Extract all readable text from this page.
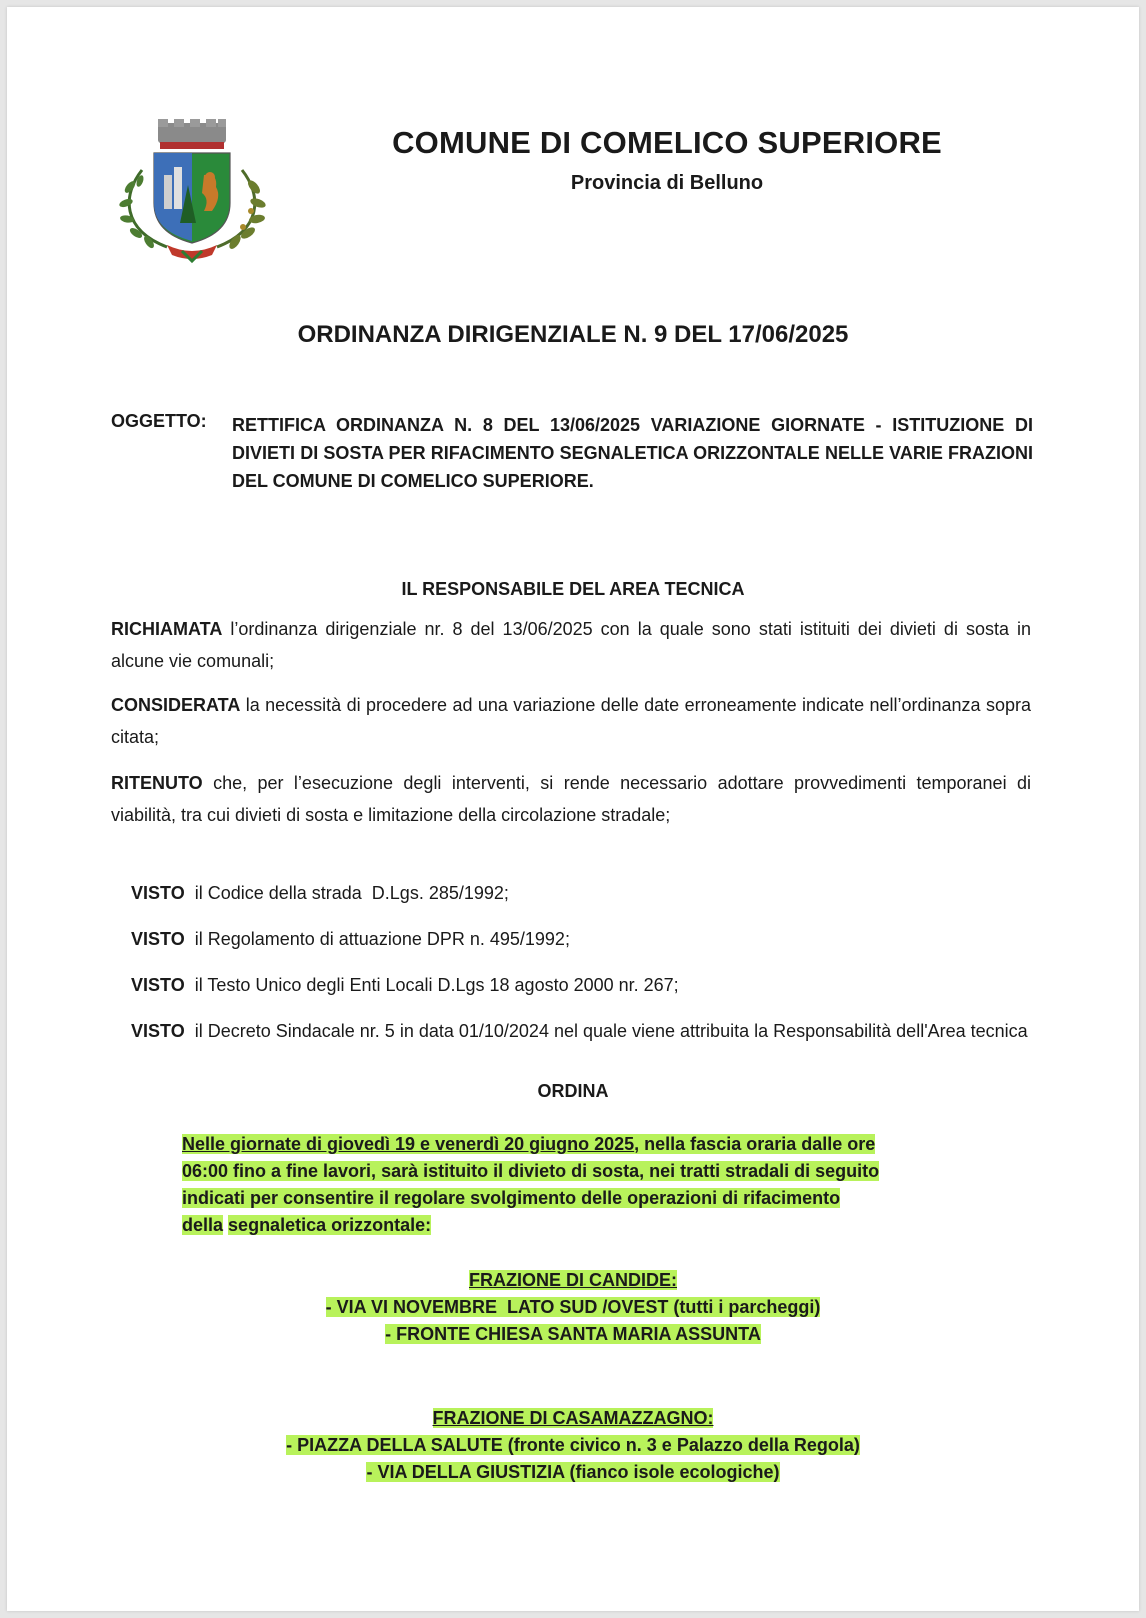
COMUNE DI COMELICO SUPERIORE
Provincia di Belluno
ORDINANZA DIRIGENZIALE N. 9 DEL 17/06/2025
OGGETTO: RETTIFICA ORDINANZA N. 8 DEL 13/06/2025 VARIAZIONE GIORNATE - ISTITUZIONE DI DIVIETI DI SOSTA PER RIFACIMENTO SEGNALETICA ORIZZONTALE NELLE VARIE FRAZIONI DEL COMUNE DI COMELICO SUPERIORE.
IL RESPONSABILE DEL AREA TECNICA
RICHIAMATA l’ordinanza dirigenziale nr. 8 del 13/06/2025 con la quale sono stati istituiti dei divieti di sosta in alcune vie comunali;
CONSIDERATA la necessità di procedere ad una variazione delle date erroneamente indicate nell’ordinanza sopra citata;
RITENUTO che, per l’esecuzione degli interventi, si rende necessario adottare provvedimenti temporanei di viabilità, tra cui divieti di sosta e limitazione della circolazione stradale;

VISTO  il Codice della strada  D.Lgs. 285/1992;

VISTO  il Regolamento di attuazione DPR n. 495/1992;

VISTO  il Testo Unico degli Enti Locali D.Lgs 18 agosto 2000 nr. 267;

VISTO  il Decreto Sindacale nr. 5 in data 01/10/2024 nel quale viene attribuita la Responsabilità dell'Area tecnica

ORDINA
Nelle giornate di giovedì 19 e venerdì 20 giugno 2025, nella fascia oraria dalle ore
06:00 fino a fine lavori, sarà istituito il divieto di sosta, nei tratti stradali di seguito
indicati per consentire il regolare svolgimento delle operazioni di rifacimento
della segnaletica orizzontale:
FRAZIONE DI CANDIDE:
- VIA VI NOVEMBRE  LATO SUD /OVEST (tutti i parcheggi)
- FRONTE CHIESA SANTA MARIA ASSUNTA
FRAZIONE DI CASAMAZZAGNO:
- PIAZZA DELLA SALUTE (fronte civico n. 3 e Palazzo della Regola)
- VIA DELLA GIUSTIZIA (fianco isole ecologiche)
